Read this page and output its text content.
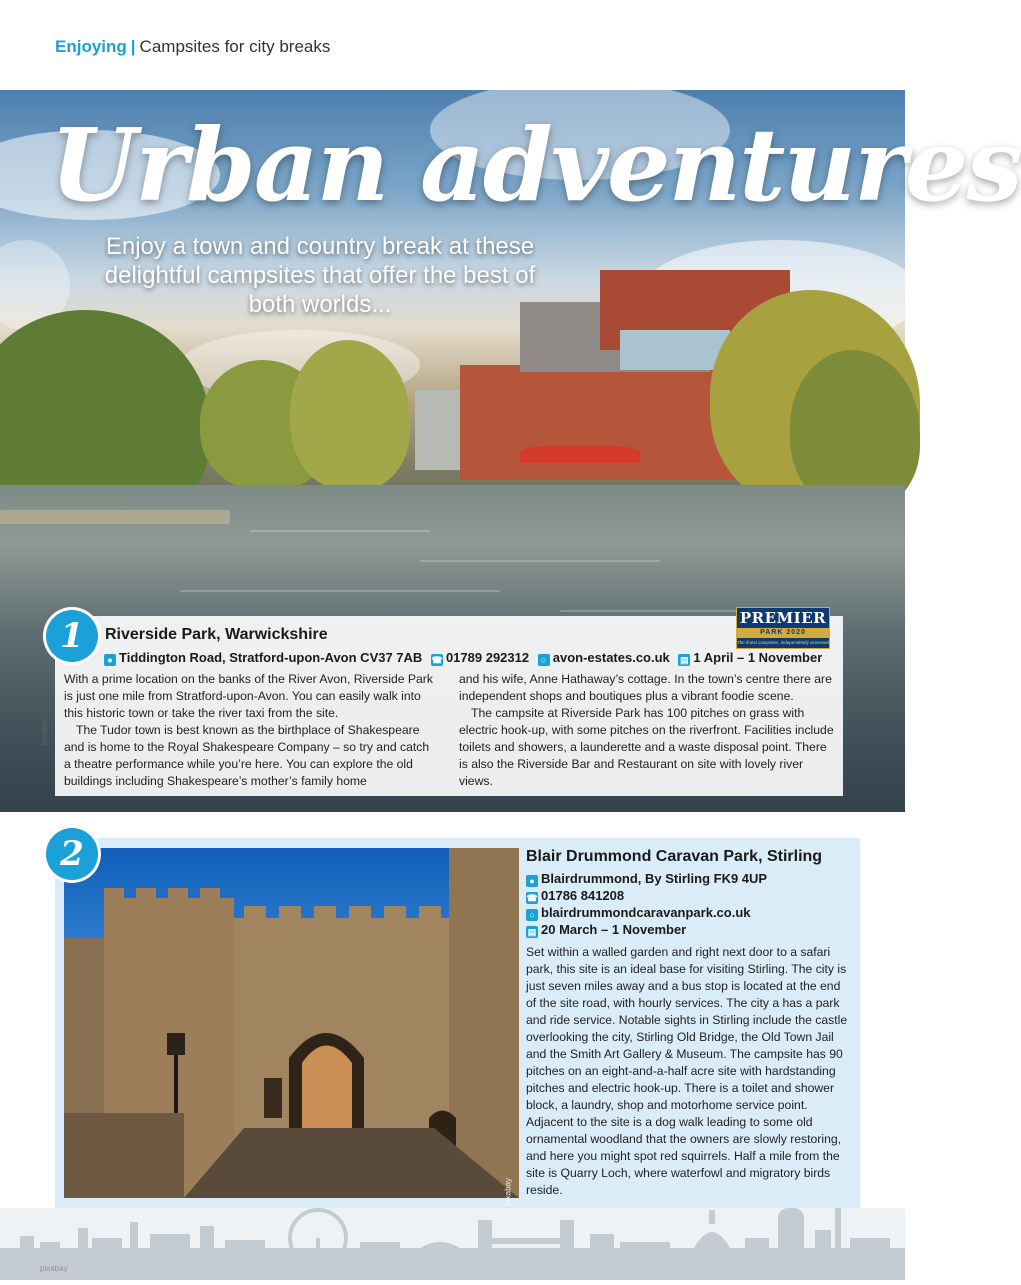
Enjoying | Campsites for city breaks
Urban adventures
Enjoy a town and country break at these delightful campsites that offer the best of both worlds...
1	Riverside Park, Warwickshire
● Tiddington Road, Stratford-upon-Avon CV37 7AB ☎ 01789 292312 ○ avon-estates.co.uk ▤ 1 April – 1 November
PREMIER
PARK 2020
The finest campsites, independently assessed

With a prime location on the banks of the River Avon, Riverside Park is just one mile from Stratford-upon-Avon. You can easily walk into this historic town or take the river taxi from the site.

The Tudor town is best known as the birthplace of Shakespeare and is home to the Royal Shakespeare Company – so try and catch a theatre performance while you’re here. You can explore the old buildings including Shakespeare’s mother’s family home

and his wife, Anne Hathaway’s cottage. In the town’s centre there are independent shops and boutiques plus a vibrant foodie scene.

The campsite at Riverside Park has 100 pitches on grass with electric hook-up, with some pitches on the riverfront. Facilities include toilets and showers, a launderette and a waste disposal point. There is also the Riverside Bar and Restaurant on site with lovely river views.

pixabay
pixabay
2	Blair Drummond Caravan Park, Stirling
● Blairdrummond, By Stirling FK9 4UP
☎ 01786 841208
○ blairdrummondcaravanpark.co.uk
▤ 20 March – 1 November
Set within a walled garden and right next door to a safari park, this site is an ideal base for visiting Stirling. The city is just seven miles away and a bus stop is located at the end of the site road, with hourly services. The city a has a park and ride service. Notable sights in Stirling include the castle overlooking the city, Stirling Old Bridge, the Old Town Jail and the Smith Art Gallery & Museum. The campsite has 90 pitches on an eight-and-a-half acre site with hardstanding pitches and electric hook-up. There is a toilet and shower block, a laundry, shop and motorhome service point. Adjacent to the site is a dog walk leading to some old ornamental woodland that the owners are slowly restoring, and here you might spot red squirrels. Half a mile from the site is Quarry Loch, where waterfowl and migratory birds reside.
pixabay
